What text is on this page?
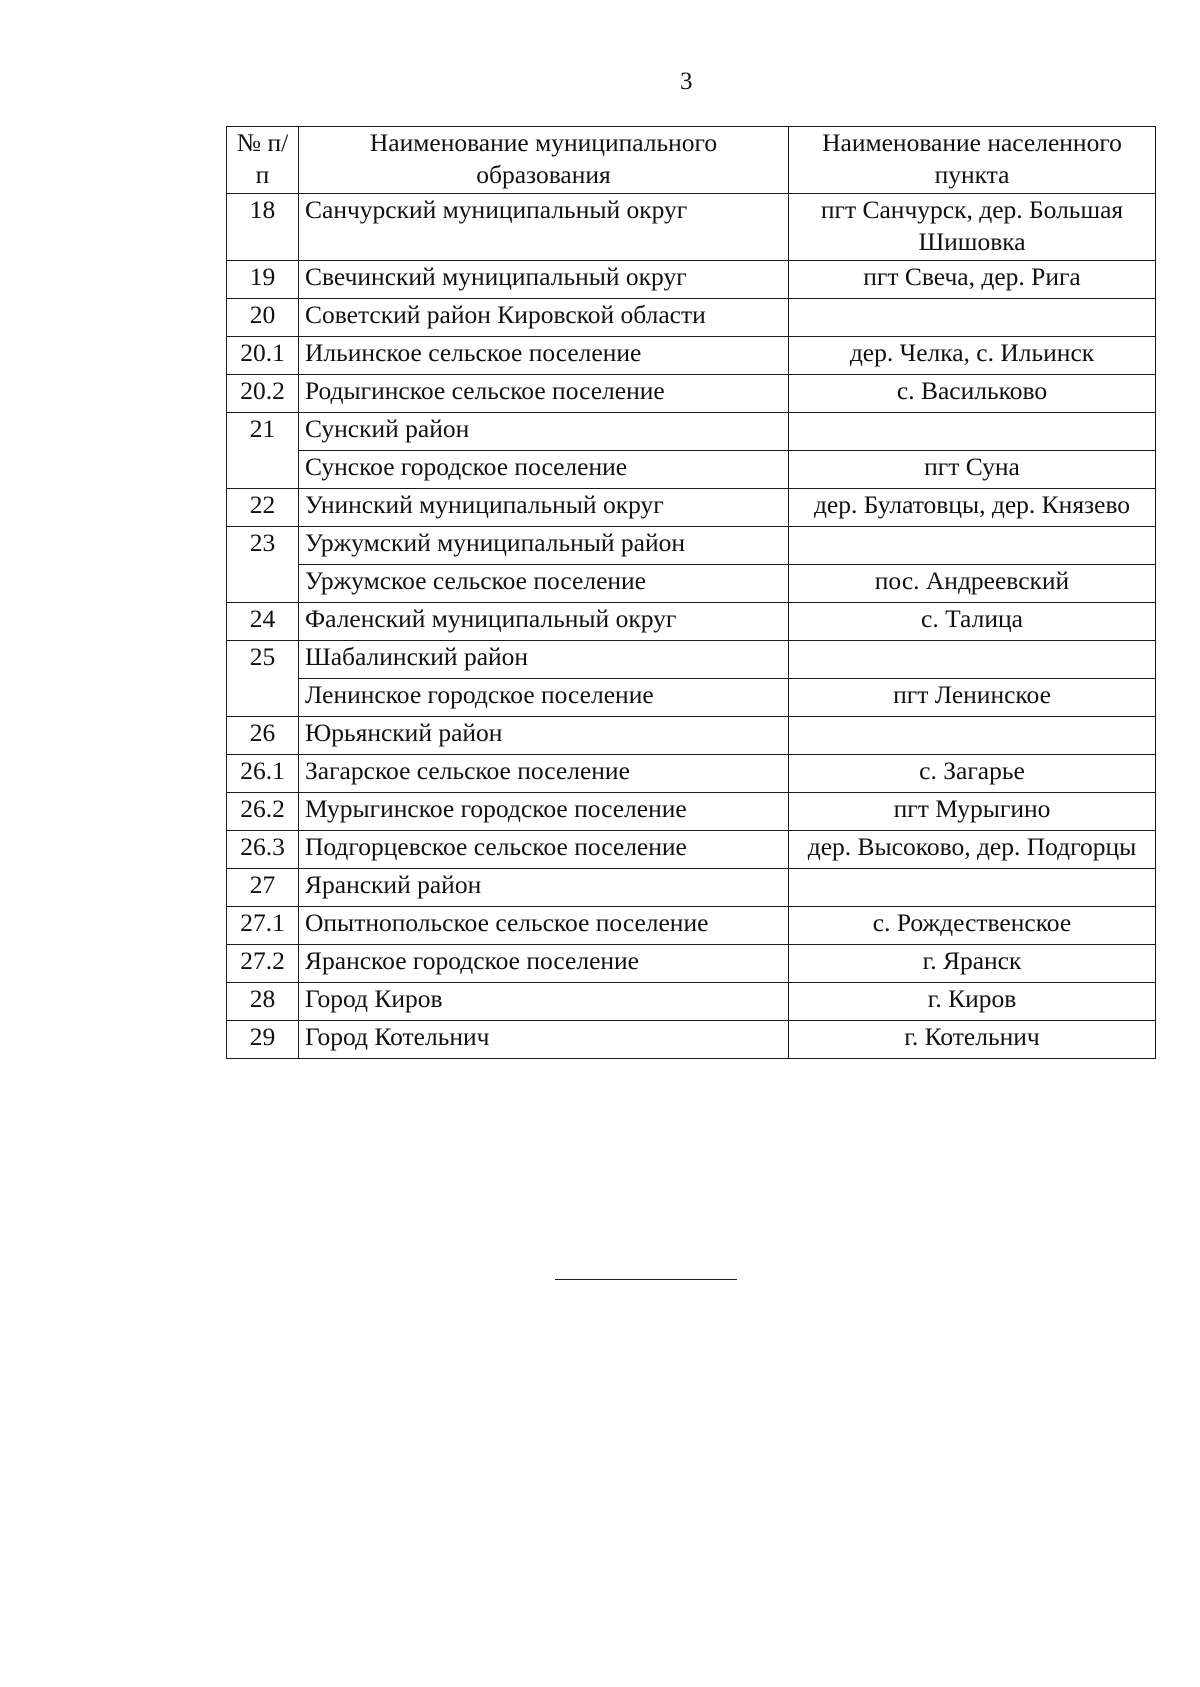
3
№ п/п	Наименование муниципального образования	Наименование населенного пункта
18	Санчурский муниципальный округ	пгт Санчурск, дер. Большая Шишовка
19	Свечинский муниципальный округ	пгт Свеча, дер. Рига
20	Советский район Кировской области	
20.1	Ильинское сельское поселение	дер. Челка, с. Ильинск
20.2	Родыгинское сельское поселение	с. Васильково
21	Сунский район	
	Сунское городское поселение	пгт Суна
22	Унинский муниципальный округ	дер. Булатовцы, дер. Князево
23	Уржумский муниципальный район	
	Уржумское сельское поселение	пос. Андреевский
24	Фаленский муниципальный округ	с. Талица
25	Шабалинский район	
	Ленинское городское поселение	пгт Ленинское
26	Юрьянский район	
26.1	Загарское сельское поселение	с. Загарье
26.2	Мурыгинское городское поселение	пгт Мурыгино
26.3	Подгорцевское сельское поселение	дер. Высоково, дер. Подгорцы
27	Яранский район	
27.1	Опытнопольское сельское поселение	с. Рождественское
27.2	Яранское городское поселение	г. Яранск
28	Город Киров	г. Киров
29	Город Котельнич	г. Котельнич
